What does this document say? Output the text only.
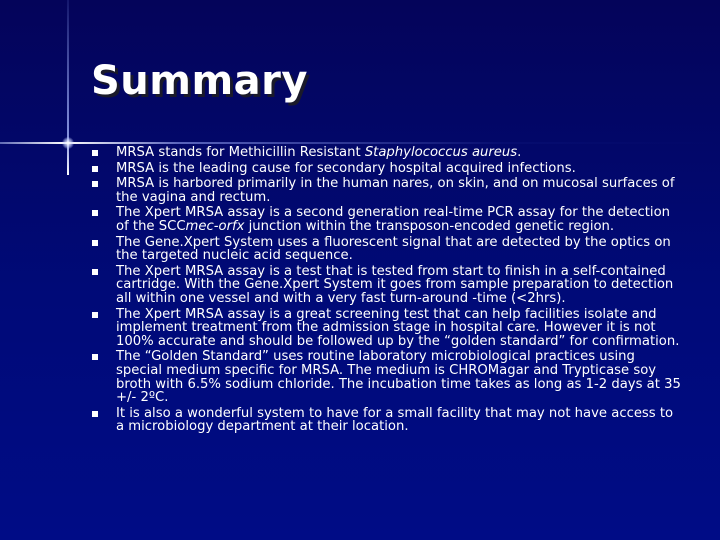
Summary
MRSA stands for Methicillin Resistant Staphylococcus aureus.
MRSA is the leading cause for secondary hospital acquired infections.
MRSA is harbored primarily in the human nares, on skin, and on mucosal surfaces of the vagina and rectum.
The Xpert MRSA assay is a second generation real-time PCR assay for the detection of the SCCmec-orfx junction within the transposon-encoded genetic region.
The Gene.Xpert System uses a fluorescent signal that are detected by the optics on the targeted nucleic acid sequence.
The Xpert MRSA assay is a test that is tested from start to finish in a self-contained cartridge. With the Gene.Xpert System it goes from sample preparation to detection all within one vessel and with a very fast turn-around -time (<2hrs).
The Xpert MRSA assay is a great screening test that can help facilities isolate and implement treatment from the admission stage in hospital care. However it is not 100% accurate and should be followed up by the “golden standard” for confirmation.
The “Golden Standard” uses routine laboratory microbiological practices using special medium specific for MRSA. The medium is CHROMagar and Trypticase soy broth with 6.5% sodium chloride. The incubation time takes as long as 1-2 days at 35 +/- 2ºC.
It is also a wonderful system to have for a small facility that may not have access to a microbiology department at their location.
